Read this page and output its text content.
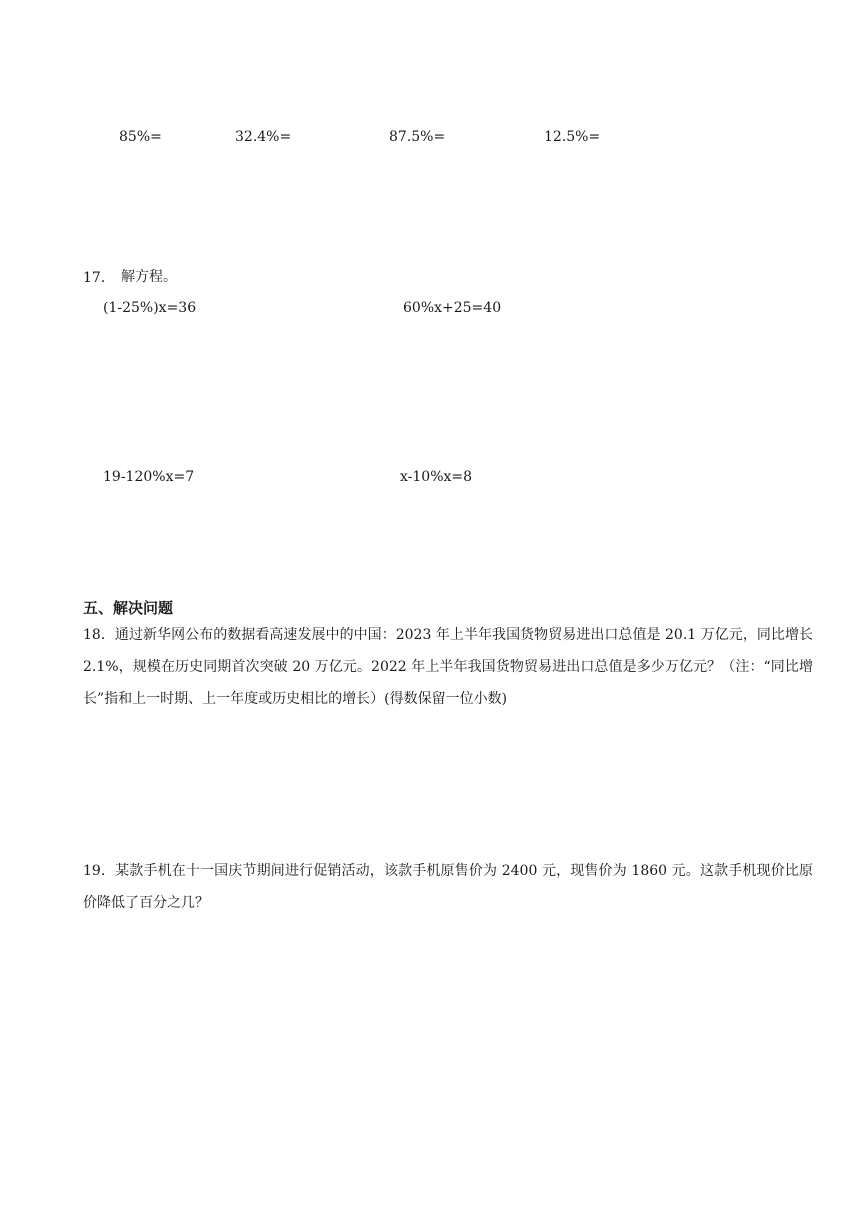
85%=	32.4%=	87.5%=	12.5%=
17． 解方程。
(1-25%)x=36	60%x+25=40
19-120%x=7	x-10%x=8
五、解决问题
18．通过新华网公布的数据看高速发展中的中国：2023 年上半年我国货物贸易进出口总值是 20.1 万亿元，同比增长 2.1%，规模在历史同期首次突破 20 万亿元。2022 年上半年我国货物贸易进出口总值是多少万亿元？（注：“同比增长”指和上一时期、上一年度或历史相比的增长）(得数保留一位小数)
19．某款手机在十一国庆节期间进行促销活动，该款手机原售价为 2400 元，现售价为 1860 元。这款手机现价比原价降低了百分之几？
